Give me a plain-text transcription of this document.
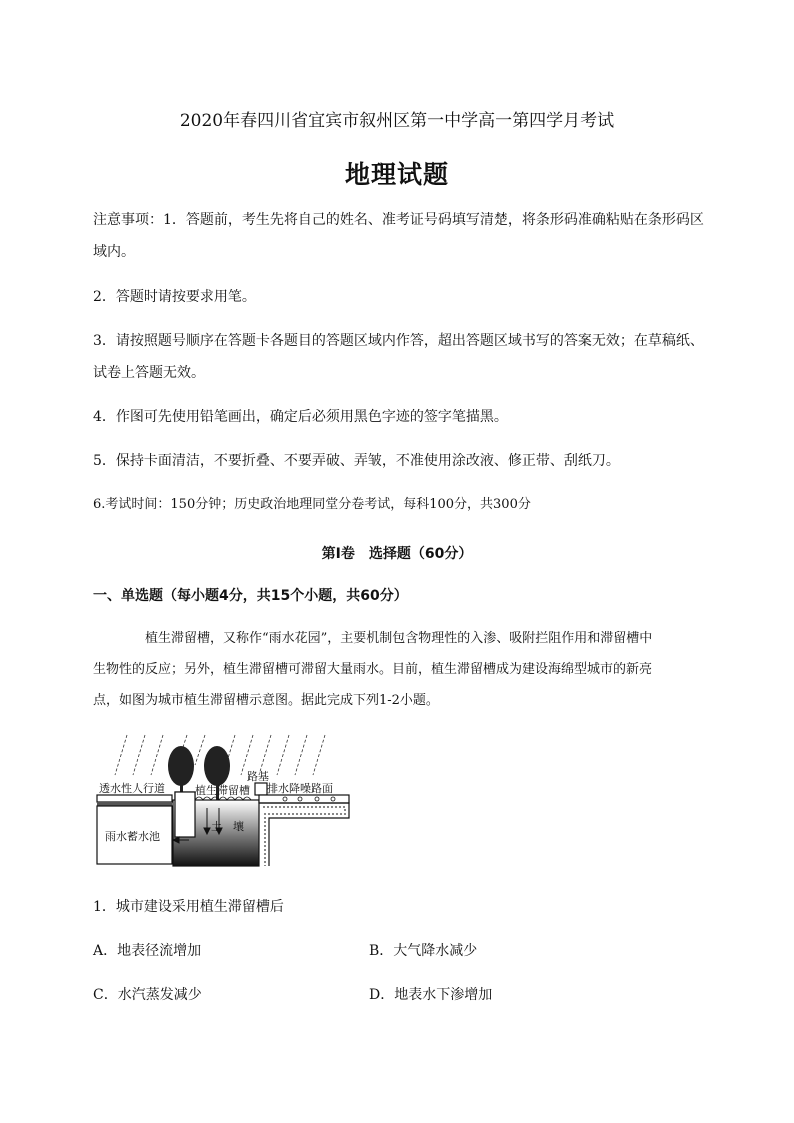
2020年春四川省宜宾市叙州区第一中学高一第四学月考试
地理试题
注意事项：1．答题前，考生先将自己的姓名、准考证号码填写清楚，将条形码准确粘贴在条形码区
域内。
2．答题时请按要求用笔。
3．请按照题号顺序在答题卡各题目的答题区域内作答，超出答题区域书写的答案无效；在草稿纸、
试卷上答题无效。
4．作图可先使用铅笔画出，确定后必须用黑色字迹的签字笔描黑。
5．保持卡面清洁，不要折叠、不要弄破、弄皱，不准使用涂改液、修正带、刮纸刀。
6.考试时间：150分钟；历史政治地理同堂分卷考试，每科100分，共300分
第I卷　选择题（60分）
一、单选题（每小题4分，共15个小题，共60分）
植生滞留槽，又称作“雨水花园”，主要机制包含物理性的入渗、吸附拦阻作用和滞留槽中
生物性的反应；另外，植生滞留槽可滞留大量雨水。目前，植生滞留槽成为建设海绵型城市的新亮
点，如图为城市植生滞留槽示意图。据此完成下列1-2小题。
透水性人行道	植生滞留槽
路基
排水降噪路面
土　壤
雨水蓄水池
1．城市建设采用植生滞留槽后
A．地表径流增加	B．大气降水减少
C．水汽蒸发减少	D．地表水下渗增加
